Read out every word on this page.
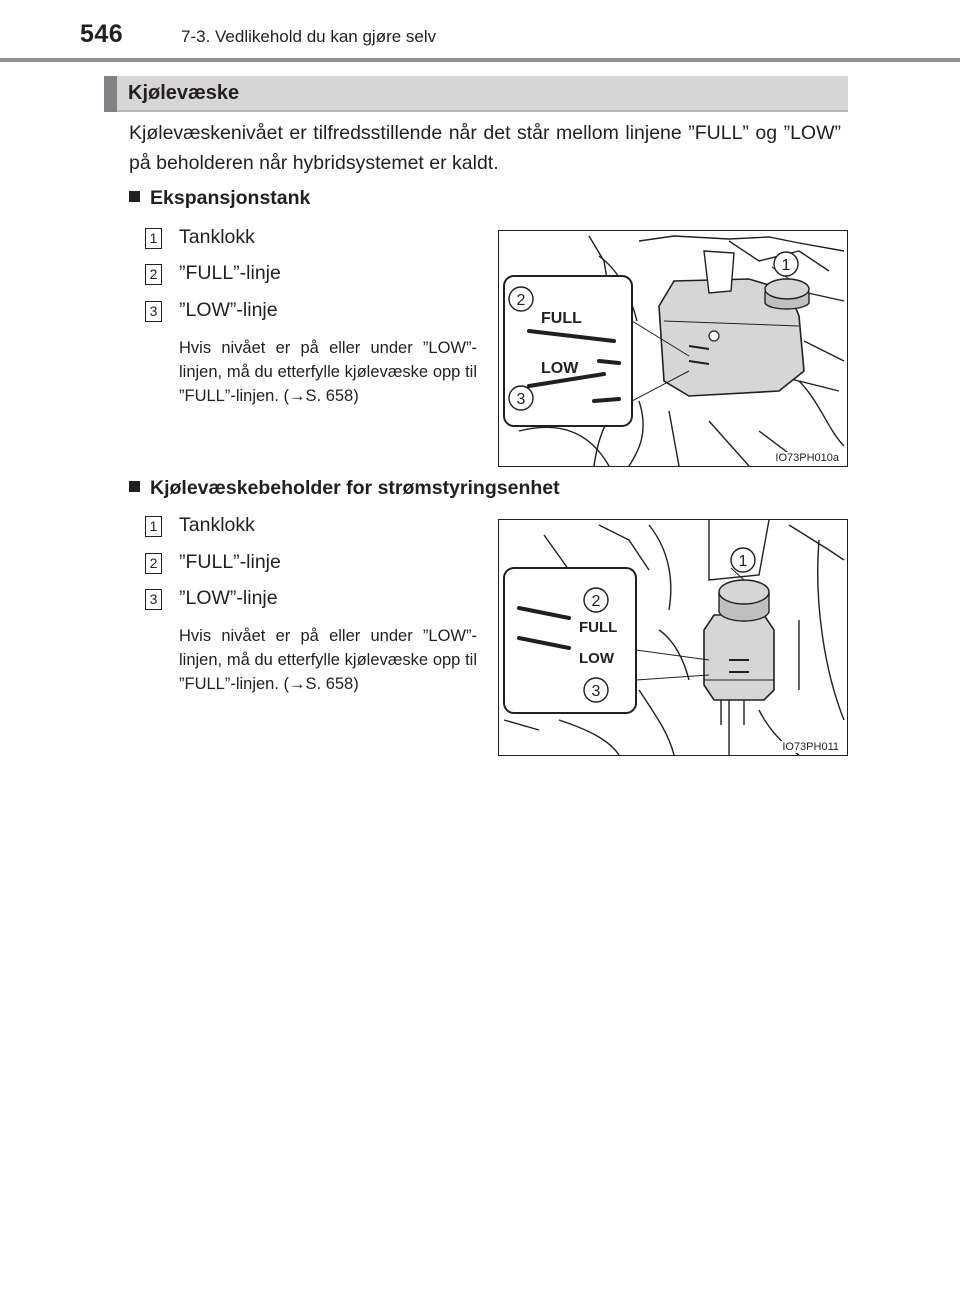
546	7-3. Vedlikehold du kan gjøre selv
Kjølevæske
Kjølevæskenivået er tilfredsstillende når det står mellom linjene ”FULL” og ”LOW” på beholderen når hybridsystemet er kaldt.
Ekspansjonstank
1 Tanklokk
2 ”FULL”-linje
3 ”LOW”-linje
Hvis nivået er på eller under ”LOW”-linjen, må du etterfylle kjølevæske opp til ”FULL”-linjen. (→S. 658)
FULL
LOW
1
2
3
IO73PH010a
Kjølevæskebeholder for strømstyringsenhet
1 Tanklokk
2 ”FULL”-linje
3 ”LOW”-linje
Hvis nivået er på eller under ”LOW”-linjen, må du etterfylle kjølevæske opp til ”FULL”-linjen. (→S. 658)
FULL
LOW
1
2
3
IO73PH011
